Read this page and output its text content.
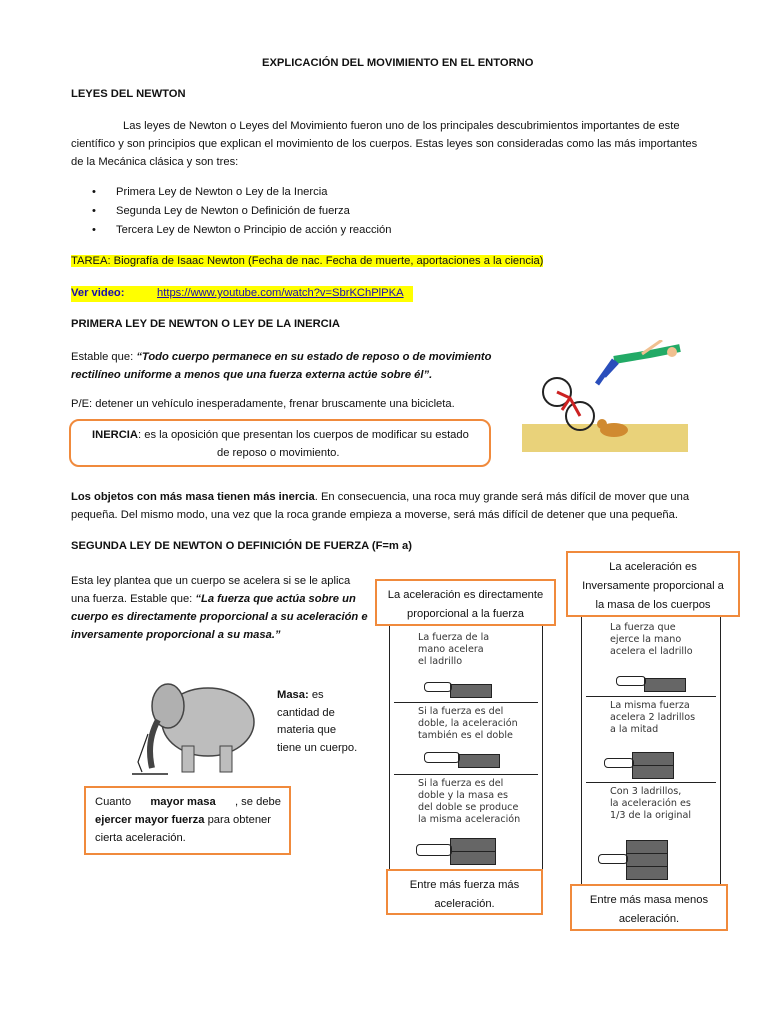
EXPLICACIÓN DEL MOVIMIENTO EN EL ENTORNO
LEYES DEL NEWTON
Las leyes de Newton o Leyes del Movimiento fueron uno de los principales descubrimientos importantes de este
científico y son principios que explican el movimiento de los cuerpos. Estas leyes son consideradas como las más importantes
de la Mecánica clásica y son tres:
• Primera Ley de Newton o Ley de la Inercia
• Segunda Ley de Newton o Definición de fuerza
• Tercera Ley de Newton o Principio de acción y reacción
TAREA: Biografía de Isaac Newton (Fecha de nac. Fecha de muerte, aportaciones a la ciencia)
Ver video:	https://www.youtube.com/watch?v=SbrKChPlPKA
PRIMERA LEY DE NEWTON O LEY DE LA INERCIA
Estable que: “Todo cuerpo permanece en su estado de reposo o de movimiento
rectilíneo uniforme a menos que una fuerza externa actúe sobre él”.
P/E: detener un vehículo inesperadamente, frenar bruscamente una bicicleta.
INERCIA: es la oposición que presentan los cuerpos de modificar su estado
de reposo o movimiento.
Los objetos con más masa tienen más inercia. En consecuencia, una roca muy grande será más difícil de mover que una
pequeña. Del mismo modo, una vez que la roca grande empieza a moverse, será más difícil de detener que una pequeña.
SEGUNDA LEY DE NEWTON O DEFINICIÓN DE FUERZA (F=m a)
Esta ley plantea que un cuerpo se acelera si se le aplica
una fuerza. Estable que: “La fuerza que actúa sobre un
cuerpo es directamente proporcional a su aceleración e
inversamente proporcional a su masa.”
Masa: es
cantidad de
materia que
tiene un cuerpo.
Cuanto mayor masa , se debe
ejercer mayor fuerza para obtener
cierta aceleración.
La fuerza de la
mano acelera
el ladrillo
Si la fuerza es del
doble, la aceleración
también es el doble
Si la fuerza es del
doble y la masa es
del doble se produce
la misma aceleración
La fuerza que
ejerce la mano
acelera el ladrillo
La misma fuerza
acelera 2 ladrillos
a la mitad
Con 3 ladrillos,
la aceleración es
1/3 de la original
La aceleración es directamente
proporcional a la fuerza
La aceleración es
Inversamente proporcional a
la masa de los cuerpos
Entre más fuerza más
aceleración.	Entre más masa menos
aceleración.
